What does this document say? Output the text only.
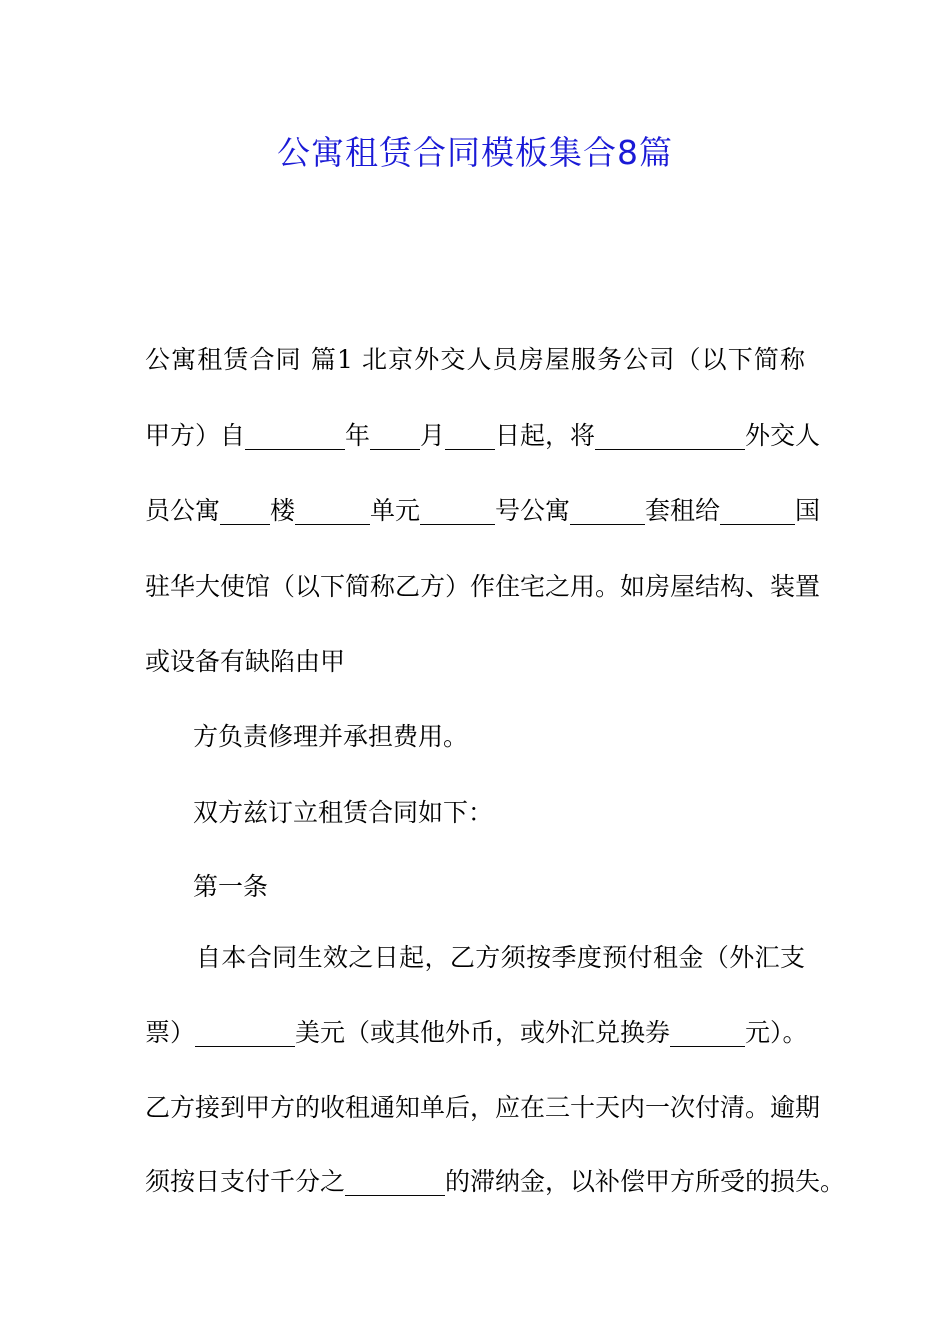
公寓租赁合同模板集合8篇
公寓租赁合同 篇1 北京外交人员房屋服务公司（以下简称
甲方）自________年____月____日起，将____________外交人
员公寓____楼______单元______号公寓______套租给______国
驻华大使馆（以下简称乙方）作住宅之用。如房屋结构、装置
或设备有缺陷由甲
方负责修理并承担费用。
双方兹订立租赁合同如下：
第一条
自本合同生效之日起，乙方须按季度预付租金（外汇支
票）________美元（或其他外币，或外汇兑换券______元）。
乙方接到甲方的收租通知单后，应在三十天内一次付清。逾期
须按日支付千分之________的滞纳金，以补偿甲方所受的损失。
